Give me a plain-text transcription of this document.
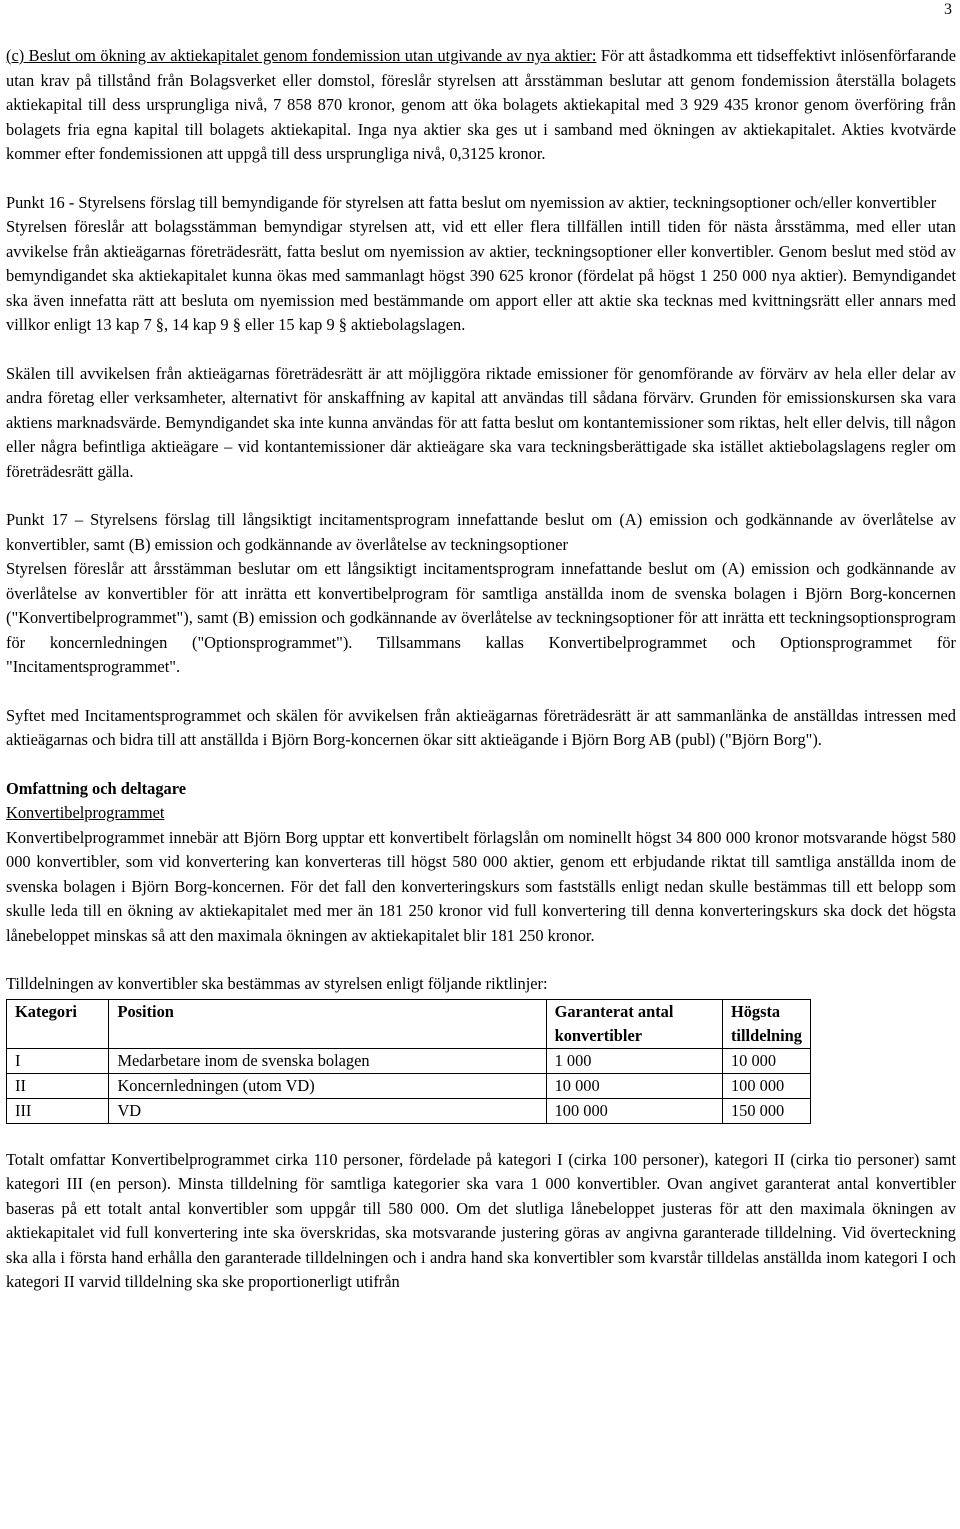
3

(c) Beslut om ökning av aktiekapitalet genom fondemission utan utgivande av nya aktier: För att åstadkomma ett tidseffektivt inlösenförfarande utan krav på tillstånd från Bolagsverket eller domstol, föreslår styrelsen att årsstämman beslutar att genom fondemission återställa bolagets aktiekapital till dess ursprungliga nivå, 7 858 870 kronor, genom att öka bolagets aktiekapital med 3 929 435 kronor genom överföring från bolagets fria egna kapital till bolagets aktiekapital. Inga nya aktier ska ges ut i samband med ökningen av aktiekapitalet. Akties kvotvärde kommer efter fondemissionen att uppgå till dess ursprungliga nivå, 0,3125 kronor.

Punkt 16 - Styrelsens förslag till bemyndigande för styrelsen att fatta beslut om nyemission av aktier, teckningsoptioner och/eller konvertibler

Styrelsen föreslår att bolagsstämman bemyndigar styrelsen att, vid ett eller flera tillfällen intill tiden för nästa årsstämma, med eller utan avvikelse från aktieägarnas företrädesrätt, fatta beslut om nyemission av aktier, teckningsoptioner eller konvertibler. Genom beslut med stöd av bemyndigandet ska aktiekapitalet kunna ökas med sammanlagt högst 390 625 kronor (fördelat på högst 1 250 000 nya aktier). Bemyndigandet ska även innefatta rätt att besluta om nyemission med bestämmande om apport eller att aktie ska tecknas med kvittningsrätt eller annars med villkor enligt 13 kap 7 §, 14 kap 9 § eller 15 kap 9 § aktiebolagslagen.

Skälen till avvikelsen från aktieägarnas företrädesrätt är att möjliggöra riktade emissioner för genomförande av förvärv av hela eller delar av andra företag eller verksamheter, alternativt för anskaffning av kapital att användas till sådana förvärv. Grunden för emissionskursen ska vara aktiens marknadsvärde. Bemyndigandet ska inte kunna användas för att fatta beslut om kontantemissioner som riktas, helt eller delvis, till någon eller några befintliga aktieägare – vid kontantemissioner där aktieägare ska vara teckningsberättigade ska istället aktiebolagslagens regler om företrädesrätt gälla.

Punkt 17 – Styrelsens förslag till långsiktigt incitamentsprogram innefattande beslut om (A) emission och godkännande av överlåtelse av konvertibler, samt (B) emission och godkännande av överlåtelse av teckningsoptioner

Styrelsen föreslår att årsstämman beslutar om ett långsiktigt incitamentsprogram innefattande beslut om (A) emission och godkännande av överlåtelse av konvertibler för att inrätta ett konvertibelprogram för samtliga anställda inom de svenska bolagen i Björn Borg-koncernen ("Konvertibelprogrammet"), samt (B) emission och godkännande av överlåtelse av teckningsoptioner för att inrätta ett teckningsoptionsprogram för koncernledningen ("Optionsprogrammet"). Tillsammans kallas Konvertibelprogrammet och Optionsprogrammet för "Incitamentsprogrammet".

Syftet med Incitamentsprogrammet och skälen för avvikelsen från aktieägarnas företrädesrätt är att sammanlänka de anställdas intressen med aktieägarnas och bidra till att anställda i Björn Borg-koncernen ökar sitt aktieägande i Björn Borg AB (publ) ("Björn Borg").

Omfattning och deltagare

Konvertibelprogrammet

Konvertibelprogrammet innebär att Björn Borg upptar ett konvertibelt förlagslån om nominellt högst 34 800 000 kronor motsvarande högst 580 000 konvertibler, som vid konvertering kan konverteras till högst 580 000 aktier, genom ett erbjudande riktat till samtliga anställda inom de svenska bolagen i Björn Borg-koncernen. För det fall den konverteringskurs som fastställs enligt nedan skulle bestämmas till ett belopp som skulle leda till en ökning av aktiekapitalet med mer än 181 250 kronor vid full konvertering till denna konverteringskurs ska dock det högsta lånebeloppet minskas så att den maximala ökningen av aktiekapitalet blir 181 250 kronor.

Tilldelningen av konvertibler ska bestämmas av styrelsen enligt följande riktlinjer:

Kategori	Position	Garanterat antal konvertibler	Högsta tilldelning
I	Medarbetare inom de svenska bolagen	1 000	10 000
II	Koncernledningen (utom VD)	10 000	100 000
III	VD	100 000	150 000

Totalt omfattar Konvertibelprogrammet cirka 110 personer, fördelade på kategori I (cirka 100 personer), kategori II (cirka tio personer) samt kategori III (en person). Minsta tilldelning för samtliga kategorier ska vara 1 000 konvertibler. Ovan angivet garanterat antal konvertibler baseras på ett totalt antal konvertibler som uppgår till 580 000. Om det slutliga lånebeloppet justeras för att den maximala ökningen av aktiekapitalet vid full konvertering inte ska överskridas, ska motsvarande justering göras av angivna garanterade tilldelning. Vid överteckning ska alla i första hand erhålla den garanterade tilldelningen och i andra hand ska konvertibler som kvarstår tilldelas anställda inom kategori I och kategori II varvid tilldelning ska ske proportionerligt utifrån
